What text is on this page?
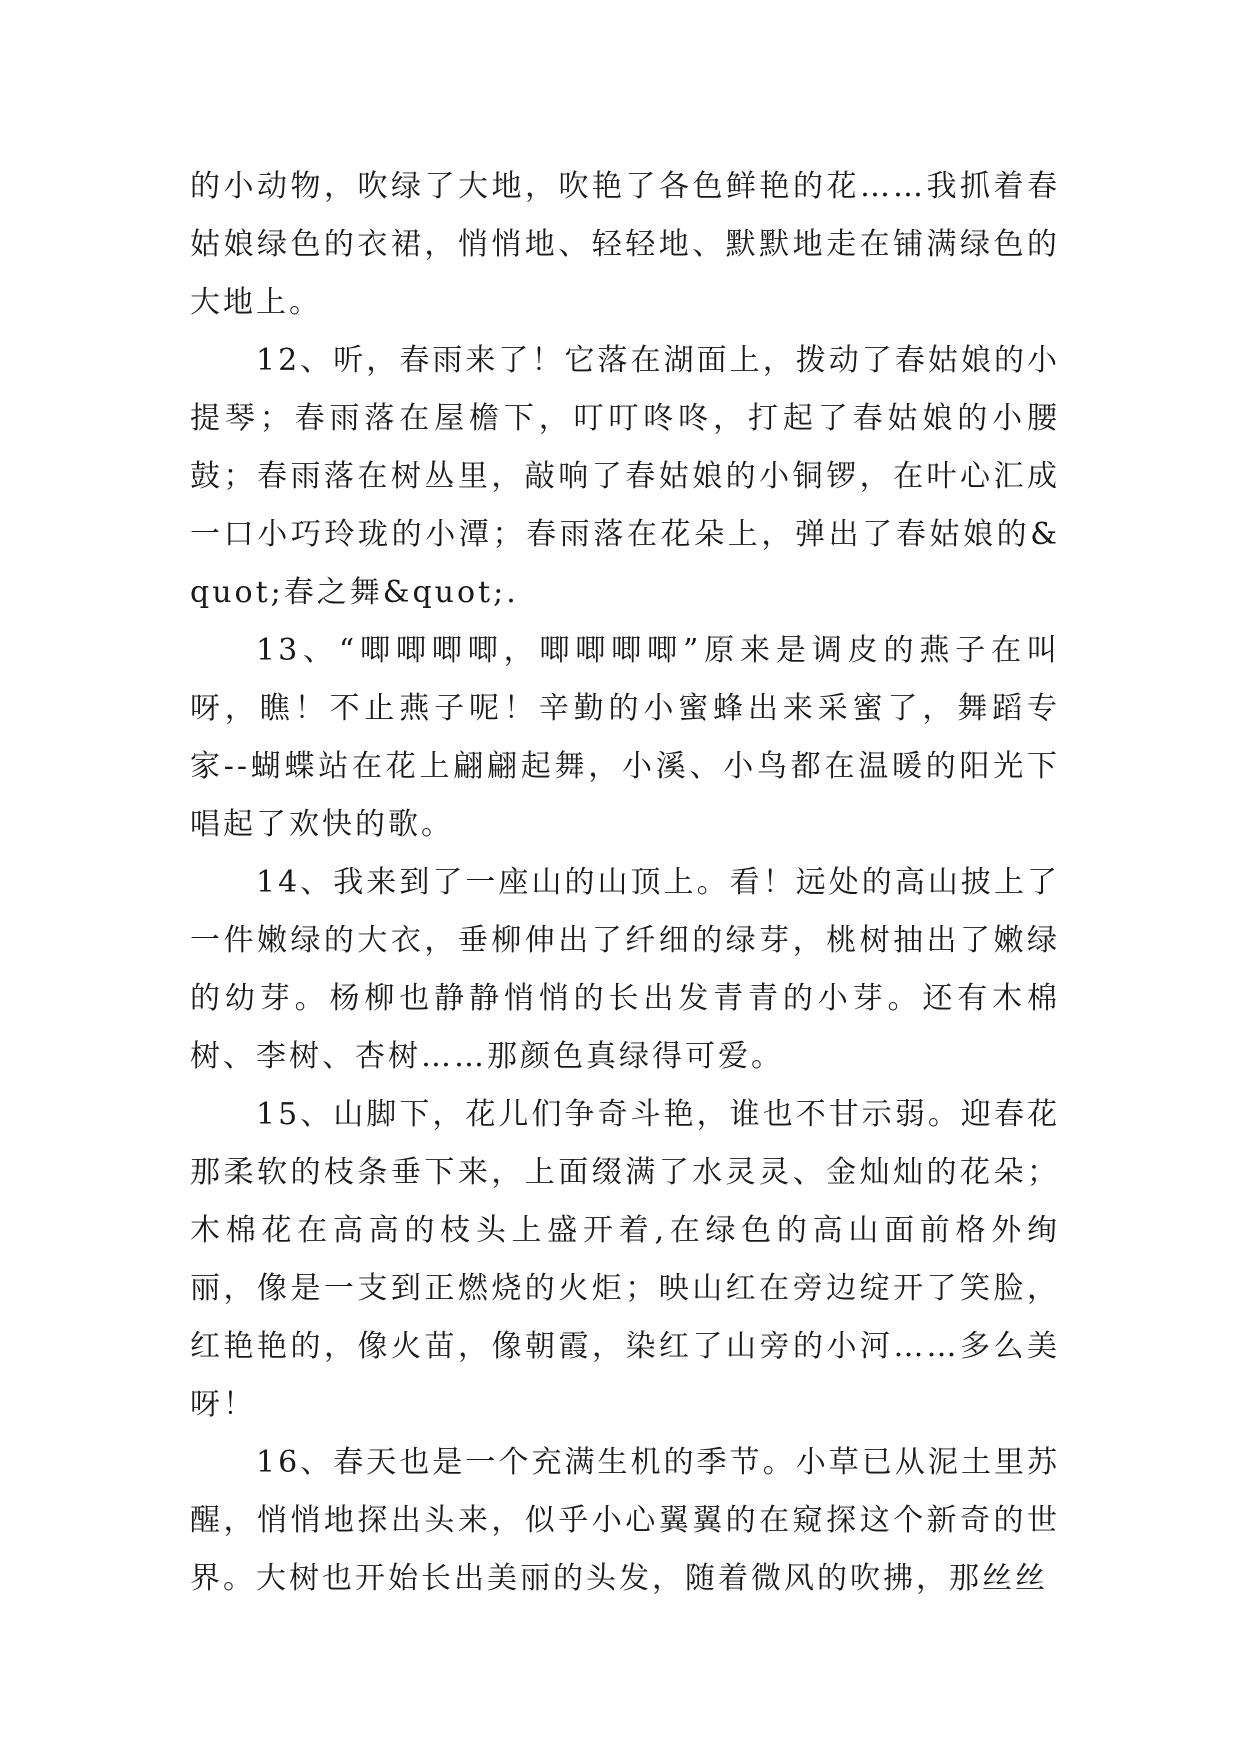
的小动物，吹绿了大地，吹艳了各色鲜艳的花……我抓着春姑娘绿色的衣裙，悄悄地、轻轻地、默默地走在铺满绿色的大地上。

12、听，春雨来了！它落在湖面上，拨动了春姑娘的小提琴；春雨落在屋檐下，叮叮咚咚，打起了春姑娘的小腰鼓；春雨落在树丛里，敲响了春姑娘的小铜锣，在叶心汇成一口小巧玲珑的小潭；春雨落在花朵上，弹出了春姑娘的&quot;春之舞&quot;.

13、“唧唧唧唧，唧唧唧唧”原来是调皮的燕子在叫呀，瞧！不止燕子呢！辛勤的小蜜蜂出来采蜜了，舞蹈专家--蝴蝶站在花上翩翩起舞，小溪、小鸟都在温暖的阳光下唱起了欢快的歌。

14、我来到了一座山的山顶上。看！远处的高山披上了一件嫩绿的大衣，垂柳伸出了纤细的绿芽，桃树抽出了嫩绿的幼芽。杨柳也静静悄悄的长出发青青的小芽。还有木棉树、李树、杏树……那颜色真绿得可爱。

15、山脚下，花儿们争奇斗艳，谁也不甘示弱。迎春花那柔软的枝条垂下来，上面缀满了水灵灵、金灿灿的花朵；木棉花在高高的枝头上盛开着,在绿色的高山面前格外绚丽，像是一支到正燃烧的火炬；映山红在旁边绽开了笑脸，红艳艳的，像火苗，像朝霞，染红了山旁的小河……多么美呀！

16、春天也是一个充满生机的季节。小草已从泥土里苏醒，悄悄地探出头来，似乎小心翼翼的在窥探这个新奇的世界。大树也开始长出美丽的头发，随着微风的吹拂，那丝丝
